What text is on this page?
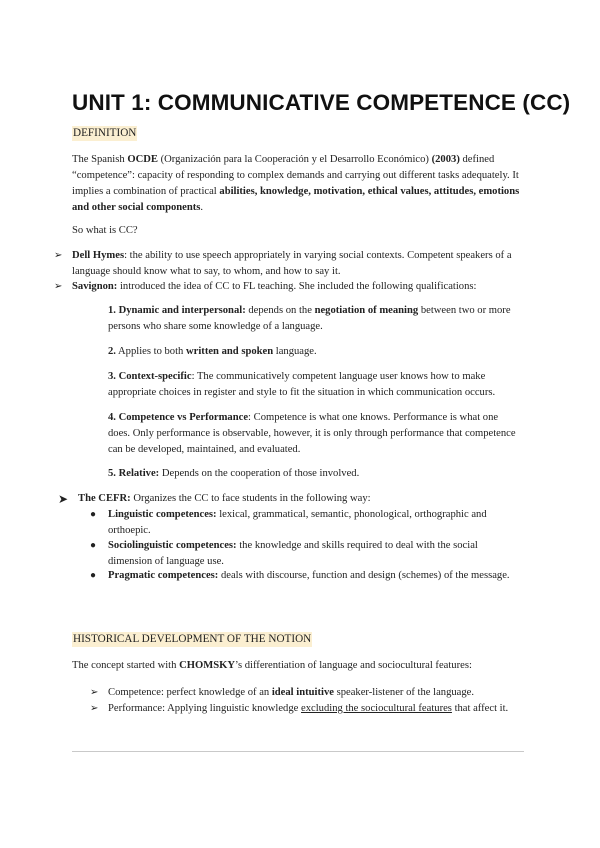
UNIT 1: COMMUNICATIVE COMPETENCE (CC)
DEFINITION

The Spanish OCDE (Organización para la Cooperación y el Desarrollo Económico) (2003) defined “competence”: capacity of responding to complex demands and carrying out different tasks adequately. It implies a combination of practical abilities, knowledge, motivation, ethical values, attitudes, emotions and other social components.

So what is CC?

➢ Dell Hymes: the ability to use speech appropriately in varying social contexts. Competent speakers of a language should know what to say, to whom, and how to say it.

➢ Savignon: introduced the idea of CC to FL teaching. She included the following qualifications:

1. Dynamic and interpersonal: depends on the negotiation of meaning between two or more persons who share some knowledge of a language.

2. Applies to both written and spoken language.

3. Context-specific: The communicatively competent language user knows how to make appropriate choices in register and style to fit the situation in which communication occurs.

4. Competence vs Performance: Competence is what one knows. Performance is what one does. Only performance is observable, however, it is only through performance that competence can be developed, maintained, and evaluated.

5. Relative: Depends on the cooperation of those involved.

➤ The CEFR: Organizes the CC to face students in the following way:

● Linguistic competences: lexical, grammatical, semantic, phonological, orthographic and orthoepic.

● Sociolinguistic competences: the knowledge and skills required to deal with the social dimension of language use.

● Pragmatic competences: deals with discourse, function and design (schemes) of the message.

HISTORICAL DEVELOPMENT OF THE NOTION

The concept started with CHOMSKY’s differentiation of language and sociocultural features:

➢ Competence: perfect knowledge of an ideal intuitive speaker-listener of the language.

➢ Performance: Applying linguistic knowledge excluding the sociocultural features that affect it.
